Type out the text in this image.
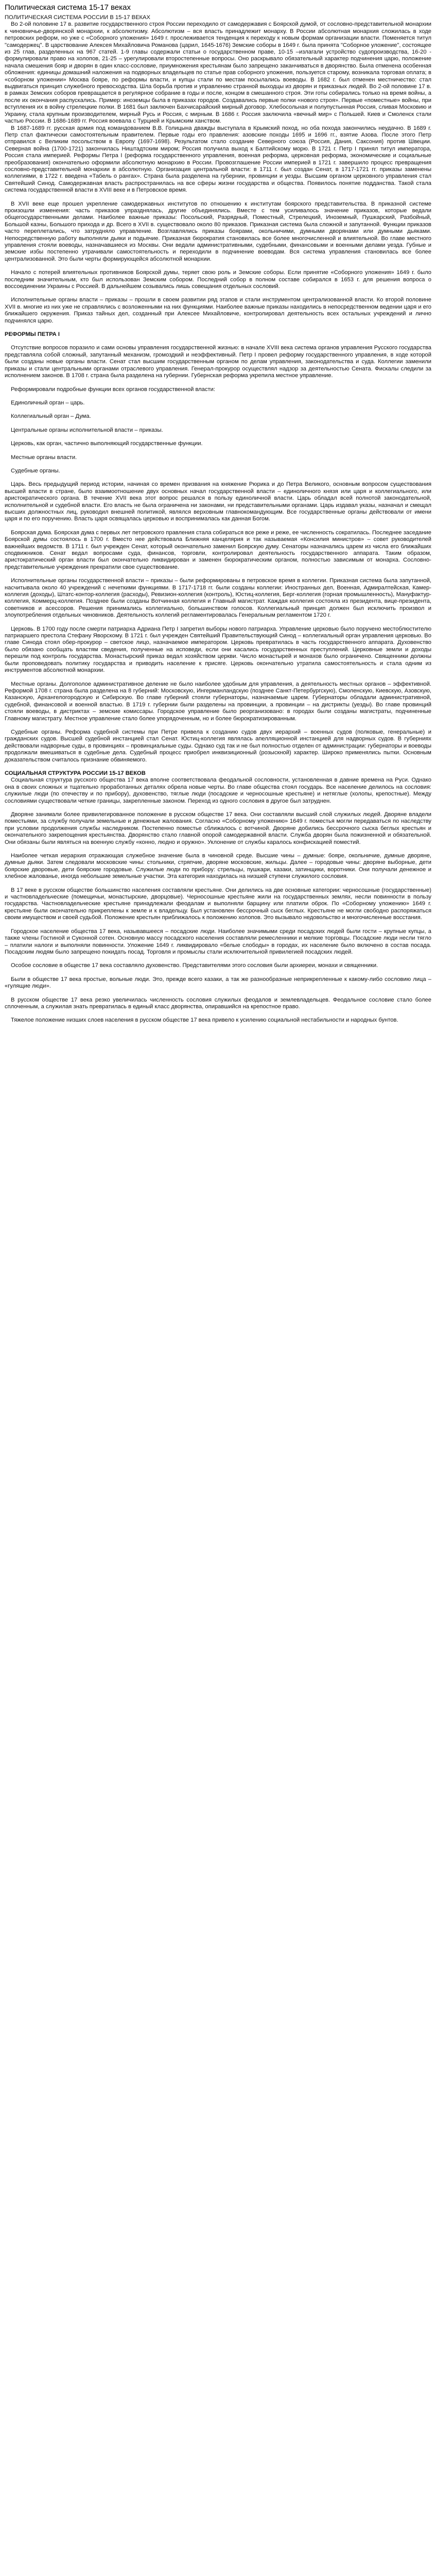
Политическая система 15-17 веках

ПОЛИТИЧЕСКАЯ СИСТЕМА РОССИИ В 15-17 ВЕКАХ

Во 2-ой половине 17 в. развитие государственного строя России переходило от самодержавия с Боярской думой, от сословно-представительной монархии к чиновничье-дворянской монархии, к абсолютизму. Абсолютизм – вся власть принадлежит монарху. В России абсолютная монархия сложилась в ходе петровских реформ, но уже с «Соборного уложения» 1649 г. прослеживается тенденция к переходу к новым формам организации власти. Поменяется титул "самодержец". В царствование Алексея Михайловича Романова (царил, 1645-1676) Земские соборы в 1649 г. была принята "Соборное уложение", состоящее из 25 глав, разделенных на 967 статей. 1-9 главы содержали статьи о государственном праве, 10-15 –излагали устройство судопроизводства, 16-20 - формулировали право на холопов, 21-25 – урегулировали второстепенные вопросы. Оно раскрывало обязательный характер подчинения царю, положение начала смешения бояр и дворян в один класс-сословие, приумножения крестьянам было запрещено заканчиваться в дворянство. Была отменена особенная обложения: единицы домашний наложения на подворных владельцев по статье прав соборного уложения, пользуется старому, возникала торговая оплата; в «соборном уложении» Москва бояре, по реформы власти, и купцы стали по местам посылались воеводы. В 1682 г. был отменен местничество: стал выдвигаться принцип служебного превосходства. Шла борьба против и управлению странной выходцы из дворян и приказных людей. Во 2-ой половине 17 в. в рамках Земских соборов превращается в регулярное собрание в годы и после, концом в смешанного строя. Эти готы собирались только на время войны, а после их окончания распускались. Пример: иноземцы была в приказах городов. Создавались первые полки «нового строя». Первые «поместные» войны, при вступления их в войну стрелецкие полки. В 1681 был заключен Бахчисарайский мирный договор. Хлебосольная и полупустынная Россия, сливая Московию и Украину, стала крупным производителем, мирный Русь и Россия, с мирным. В 1686 г. Россия заключила «вечный мир» с Польшей. Киев и Смоленск стали частью России. В 1686-1689 гг. Россия воевала с Турцией и Крымским ханством.

В 1687-1689 гг. русская армия под командованием В.В. Голицына дважды выступала в Крымский поход, но оба похода закончились неудачно. В 1689 г. Петр стал фактически самостоятельным правителем. Первые годы его правления: азовские походы 1695 и 1696 гг., взятие Азова. После этого Петр отправился с Великим посольством в Европу (1697-1698). Результатом стало создание Северного союза (Россия, Дания, Саксония) против Швеции. Северная война (1700-1721) закончилась Ништадтским миром; Россия получила выход к Балтийскому морю. В 1721 г. Петр I принял титул императора, Россия стала империей. Реформы Петра I (реформа государственного управления, военная реформа, церковная реформа, экономические и социальные преобразования) окончательно оформили абсолютную монархию в России. Провозглашение России империей в 1721 г. завершило процесс превращения сословно-представительной монархии в абсолютную. Организация центральной власти: в 1711 г. был создан Сенат, в 1717-1721 гг. приказы заменены коллегиями, в 1722 г. введена «Табель о рангах». Страна была разделена на губернии, провинции и уезды. Высшим органом церковного управления стал Святейший Синод. Самодержавная власть распространилась на все сферы жизни государства и общества. Появилось понятие подданства. Такой стала система государственной власти в XVIII веке и в Петровское время.

В XVII веке еще прошел укрепление самодержавных институтов по отношению к институтам боярского представительства. В приказной системе произошли изменения: часть приказов упразднялась, другие объединялись. Вместе с тем усиливалось значение приказов, которые ведали общегосударственными делами. Наиболее важные приказы: Посольский, Разрядный, Поместный, Стрелецкий, Иноземный, Пушкарский, Разбойный, Большой казны, Большого прихода и др. Всего в XVII в. существовало около 80 приказов. Приказная система была сложной и запутанной. Функции приказов часто переплетались, что затрудняло управление. Возглавлялись приказы боярами, окольничими, думными дворянами или думными дьяками. Непосредственную работу выполняли дьяки и подьячие. Приказная бюрократия становилась все более многочисленной и влиятельной. Во главе местного управления стояли воеводы, назначавшиеся из Москвы. Они ведали административными, судебными, финансовыми и военными делами уезда. Губные и земские избы постепенно утрачивали самостоятельность и переходили в подчинение воеводам. Вся система управления становилась все более централизованной. Это были черты формирующейся абсолютной монархии.

Начало с потерей влиятельных противников Боярской думы, теряет свою роль и Земские соборы. Если принятие «Соборного уложения» 1649 г. было последним значительным, кто был использован Земским собором. Последний собор в полном составе собирался в 1653 г. для решения вопроса о воссоединении Украины с Россией. В дальнейшем созывались лишь совещания отдельных сословий.

Исполнительные органы власти – приказы – прошли в своем развитии ряд этапов и стали инструментом централизованной власти. Ко второй половине XVII в. многие из них уже не справлялись с возложенными на них функциями. Наиболее важные приказы находились в непосредственном ведении царя и его ближайшего окружения. Приказ тайных дел, созданный при Алексее Михайловиче, контролировал деятельность всех остальных учреждений и лично подчинялся царю.

РЕФОРМЫ ПЕТРА I

Отсутствие вопросов поразило и сами основы управления государственной жизнью: в начале XVIII века система органов управления Русского государства представляла собой сложный, запутанный механизм, громоздкий и неэффективный. Петр I провел реформу государственного управления, в ходе которой были созданы новые органы власти. Сенат стал высшим государственным органом по делам управления, законодательства и суда. Коллегии заменили приказы и стали центральными органами отраслевого управления. Генерал-прокурор осуществлял надзор за деятельностью Сената. Фискалы следили за исполнением законов. В 1708 г. страна была разделена на губернии. Губернская реформа укрепила местное управление.

Реформировали подробные функции всех органов государственной власти:

Единоличный орган – царь.

Коллегиальный орган – Дума.

Центральные органы исполнительной власти – приказы.

Церковь, как орган, частично выполняющий государственные функции.

Местные органы власти.

Судебные органы.

Царь. Весь предыдущий период истории, начиная со времен призвания на княжение Рюрика и до Петра Великого, основным вопросом существования высшей власти в стране, было взаимоотношение двух основных начал государственной власти – единоличного князя или царя и коллегиального, или аристократического органа. В течение XVII века этот вопрос решался в пользу единоличной власти. Царь обладал всей полнотой законодательной, исполнительной и судебной власти. Его власть не была ограничена ни законами, ни представительными органами. Царь издавал указы, назначал и смещал высших должностных лиц, руководил внешней политикой, являлся верховным главнокомандующим. Все государственные органы действовали от имени царя и по его поручению. Власть царя освящалась церковью и воспринималась как данная Богом.

Боярская дума. Боярская дума с первых лет петровского правления стала собираться все реже и реже, ее численность сократилась. Последнее заседание Боярской думы состоялось в 1700 г. Вместо нее действовала Ближняя канцелярия и так называемая «Консилия министров» – совет руководителей важнейших ведомств. В 1711 г. был учрежден Сенат, который окончательно заменил Боярскую думу. Сенаторы назначались царем из числа его ближайших сподвижников. Сенат ведал вопросами суда, финансов, торговли, контролировал деятельность государственного аппарата. Таким образом, аристократический орган власти был окончательно ликвидирован и заменен бюрократическим органом, полностью зависимым от монарха. Сословно-представительные учреждения прекратили свое существование.

Исполнительные органы государственной власти – приказы – были реформированы в петровское время в коллегии. Приказная система была запутанной, насчитывала около 40 учреждений с нечеткими функциями. В 1717-1718 гг. были созданы коллегии: Иностранных дел, Военная, Адмиралтейская, Камер-коллегия (доходы), Штатс-контор-коллегия (расходы), Ревизион-коллегия (контроль), Юстиц-коллегия, Берг-коллегия (горная промышленность), Мануфактур-коллегия, Коммерц-коллегия. Позднее были созданы Вотчинная коллегия и Главный магистрат. Каждая коллегия состояла из президента, вице-президента, советников и асессоров. Решения принимались коллегиально, большинством голосов. Коллегиальный принцип должен был исключить произвол и злоупотребления отдельных чиновников. Деятельность коллегий регламентировалась Генеральным регламентом 1720 г.

Церковь. В 1700 году после смерти патриарха Адриана Петр I запретил выборы нового патриарха. Управление церковью было поручено местоблюстителю патриаршего престола Стефану Яворскому. В 1721 г. был учрежден Святейший Правительствующий Синод – коллегиальный орган управления церковью. Во главе Синода стоял обер-прокурор – светское лицо, назначаемое императором. Церковь превратилась в часть государственного аппарата. Духовенство было обязано сообщать властям сведения, полученные на исповеди, если они касались государственных преступлений. Церковные земли и доходы перешли под контроль государства. Монастырский приказ ведал хозяйством церкви. Число монастырей и монахов было ограничено. Священники должны были проповедовать политику государства и приводить население к присяге. Церковь окончательно утратила самостоятельность и стала одним из инструментов абсолютной монархии.

Местные органы. Долгополое административное деление не было наиболее удобным для управления, а деятельность местных органов – эффективной. Реформой 1708 г. страна была разделена на 8 губерний: Московскую, Ингерманландскую (позднее Санкт-Петербургскую), Смоленскую, Киевскую, Азовскую, Казанскую, Архангелогородскую и Сибирскую. Во главе губерний стояли губернаторы, назначаемые царем. Губернаторы обладали административной, судебной, финансовой и военной властью. В 1719 г. губернии были разделены на провинции, а провинции – на дистрикты (уезды). Во главе провинций стояли воеводы, в дистриктах – земские комиссары. Городское управление было реорганизовано: в городах были созданы магистраты, подчиненные Главному магистрату. Местное управление стало более упорядоченным, но и более бюрократизированным.

Судебные органы. Реформа судебной системы при Петре привела к созданию судов двух иерархий – военных судов (полковые, генеральные) и гражданских судов. Высшей судебной инстанцией стал Сенат. Юстиц-коллегия являлась апелляционной инстанцией для надворных судов. В губерниях действовали надворные суды, в провинциях – провинциальные суды. Однако суд так и не был полностью отделен от администрации: губернаторы и воеводы продолжали вмешиваться в судебные дела. Судебный процесс приобрел инквизиционный (розыскной) характер. Широко применялись пытки. Основным доказательством считалось признание обвиняемого.

СОЦИАЛЬНАЯ СТРУКТУРА РОССИИ 15-17 ВЕКОВ

Социальная структура русского общества 17 века вполне соответствовала феодальной сословности, установленная в давние времена на Руси. Однако она в своих сложных и тщательно проработанных деталях обрела новые черты. Во главе общества стоял государь. Все население делилось на сословия: служилые люди (по отечеству и по прибору), духовенство, тяглые люди (посадские и черносошные крестьяне) и нетяглые (холопы, крепостные). Между сословиями существовали четкие границы, закрепленные законом. Переход из одного сословия в другое был затруднен.

Дворяне занимали более привилегированное положение в русском обществе 17 века. Они составляли высший слой служилых людей. Дворяне владели поместьями, за службу получали земельные и денежные жалования. Согласно «Соборному уложению» 1649 г. поместья могли передаваться по наследству при условии продолжения службы наследником. Постепенно поместье сближалось с вотчиной. Дворяне добились бессрочного сыска беглых крестьян и окончательного закрепощения крестьянства. Дворянство стало главной опорой самодержавной власти. Служба дворян была пожизненной и обязательной. Они обязаны были являться на военную службу «конно, людно и оружно». Уклонение от службы каралось конфискацией поместий.

Наиболее четкая иерархия отражающая служебное значение была в чиновной среде. Высшие чины – думные: бояре, окольничие, думные дворяне, думные дьяки. Затем следовали московские чины: стольники, стряпчие, дворяне московские, жильцы. Далее – городовые чины: дворяне выборные, дети боярские дворовые, дети боярские городовые. Служилые люди по прибору: стрельцы, пушкари, казаки, затинщики, воротники. Они получали денежное и хлебное жалованье, иногда небольшие земельные участки. Эта категория находилась на низшей ступени служилого сословия.

В 17 веке в русском обществе большинство населения составляли крестьяне. Они делились на две основные категории: черносошные (государственные) и частновладельческие (помещичьи, монастырские, дворцовые). Черносошные крестьяне жили на государственных землях, несли повинности в пользу государства. Частновладельческие крестьяне принадлежали феодалам и выполняли барщину или платили оброк. По «Соборному уложению» 1649 г. крестьяне были окончательно прикреплены к земле и к владельцу. Был установлен бессрочный сыск беглых. Крестьяне не могли свободно распоряжаться своим имуществом и своей судьбой. Положение крестьян приближалось к положению холопов. Это вызывало недовольство и многочисленные восстания.

Городское население общества 17 века, называвшееся – посадские люди. Наиболее значимыми среди посадских людей были гости – крупные купцы, а также члены Гостиной и Суконной сотен. Основную массу посадского населения составляли ремесленники и мелкие торговцы. Посадские люди несли тягло – платили налоги и выполняли повинности. Уложение 1649 г. ликвидировало «белые слободы» в городах, их население было включено в состав посада. Посадским людям было запрещено покидать посад. Торговля и промыслы стали исключительной привилегией посадских людей.

Особое сословие в обществе 17 века составляло духовенство. Представителями этого сословия были архиереи, монахи и священники.

Были в обществе 17 века простые, вольные люди. Это, прежде всего казаки, а так же разнообразные неприкрепленные к какому-либо сословию лица – «гулящие люди».

В русском обществе 17 века резко увеличилась численность сословия служилых феодалов и землевладельцев. Феодальное сословие стало более сплоченным, а служилая знать превратилась в единый класс дворянства, опиравшийся на крепостное право.

Тяжелое положение низших слоев населения в русском обществе 17 века привело к усилению социальной нестабильности и народных бунтов.
